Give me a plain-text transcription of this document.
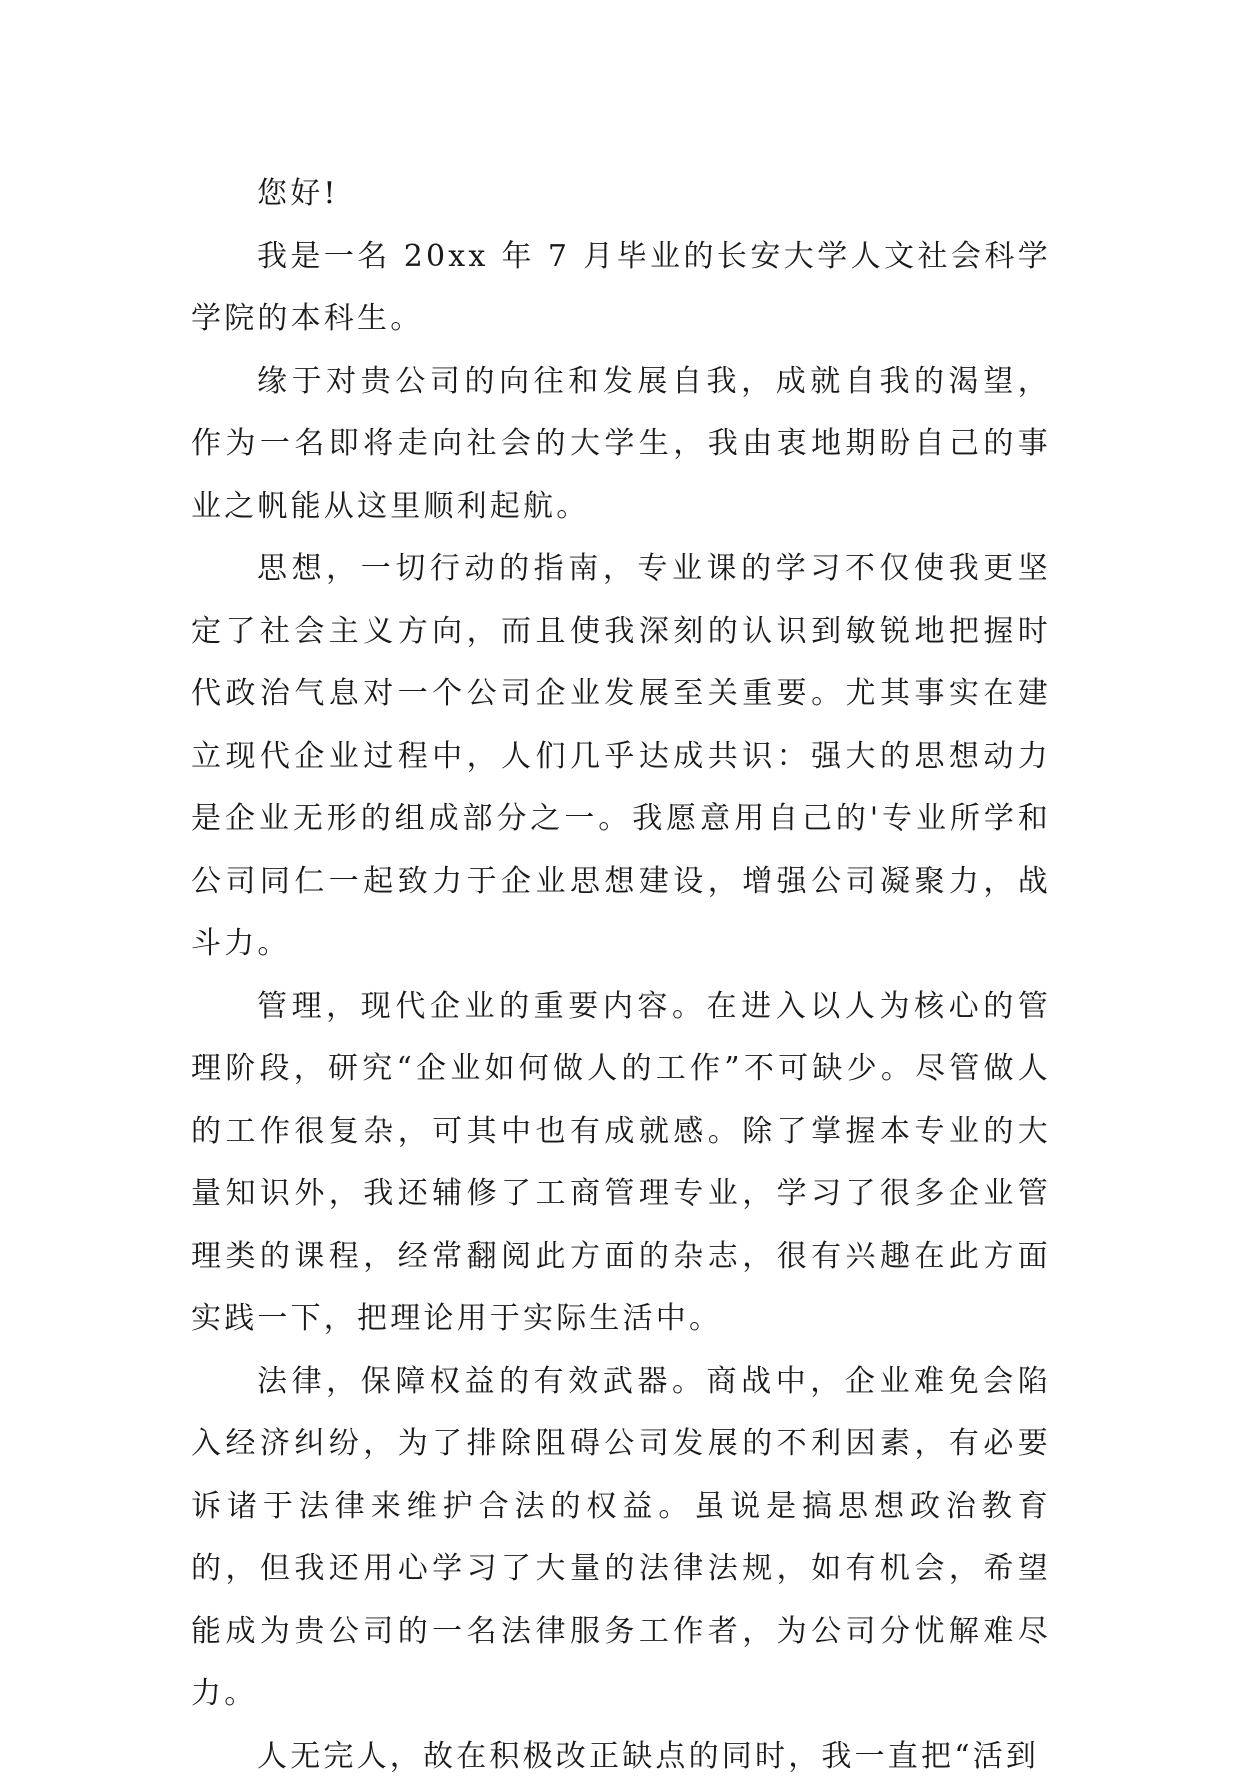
您好!

我是一名 20xx 年 7 月毕业的长安大学人文社会科学学院的本科生。

缘于对贵公司的向往和发展自我，成就自我的渴望，作为一名即将走向社会的大学生，我由衷地期盼自己的事业之帆能从这里顺利起航。

思想，一切行动的指南，专业课的学习不仅使我更坚定了社会主义方向，而且使我深刻的认识到敏锐地把握时代政治气息对一个公司企业发展至关重要。尤其事实在建立现代企业过程中，人们几乎达成共识：强大的思想动力是企业无形的组成部分之一。我愿意用自己的'专业所学和公司同仁一起致力于企业思想建设，增强公司凝聚力，战斗力。

管理，现代企业的重要内容。在进入以人为核心的管理阶段，研究“企业如何做人的工作”不可缺少。尽管做人的工作很复杂，可其中也有成就感。除了掌握本专业的大量知识外，我还辅修了工商管理专业，学习了很多企业管理类的课程，经常翻阅此方面的杂志，很有兴趣在此方面实践一下，把理论用于实际生活中。

法律，保障权益的有效武器。商战中，企业难免会陷入经济纠纷，为了排除阻碍公司发展的不利因素，有必要诉诸于法律来维护合法的权益。虽说是搞思想政治教育的，但我还用心学习了大量的法律法规，如有机会，希望能成为贵公司的一名法律服务工作者，为公司分忧解难尽力。

人无完人，故在积极改正缺点的同时，我一直把“活到
